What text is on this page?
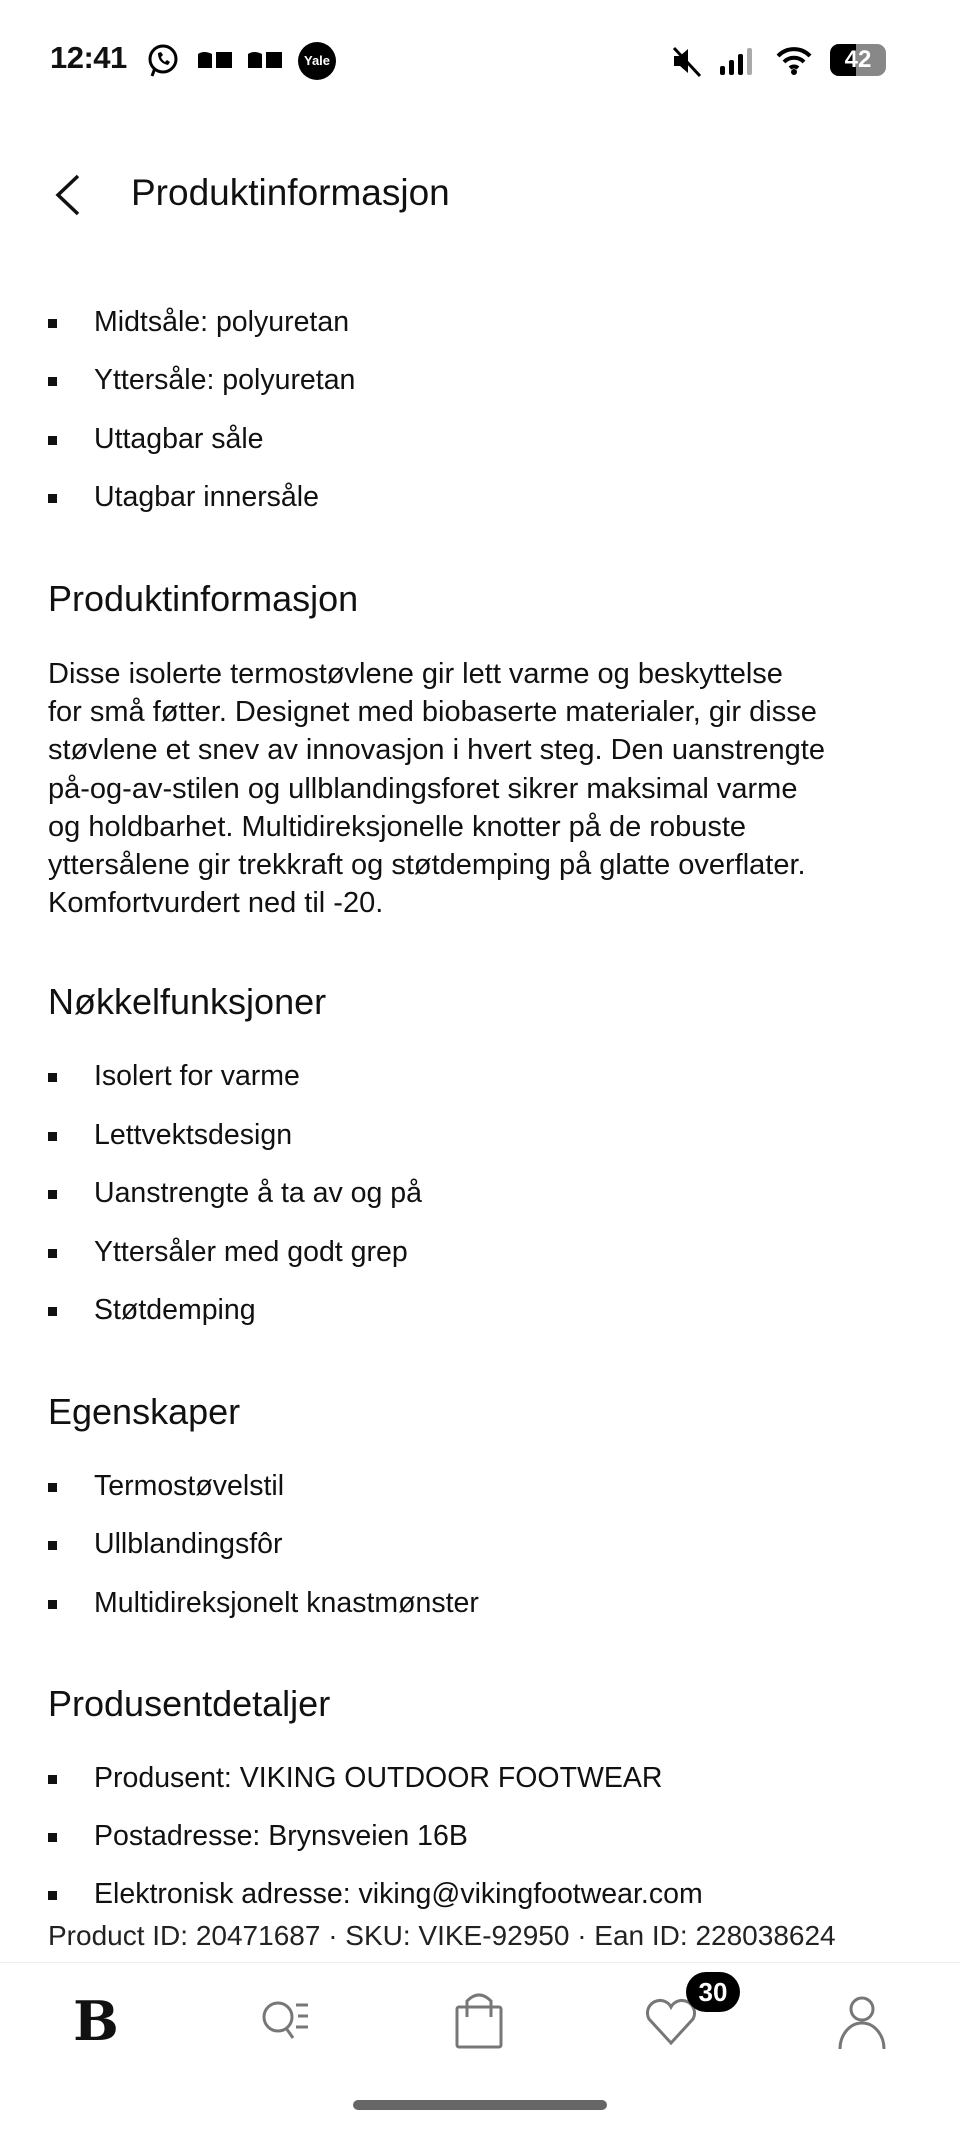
12:41	Yale	42
Produktinformasjon
Midtsåle: polyuretan
Yttersåle: polyuretan
Uttagbar såle
Utagbar innersåle
Produktinformasjon
Disse isolerte termostøvlene gir lett varme og beskyttelse
for små føtter. Designet med biobaserte materialer, gir disse
støvlene et snev av innovasjon i hvert steg. Den uanstrengte
på-og-av-stilen og ullblandingsforet sikrer maksimal varme
og holdbarhet. Multidireksjonelle knotter på de robuste
yttersålene gir trekkraft og støtdemping på glatte overflater.
Komfortvurdert ned til -20.
Nøkkelfunksjoner
Isolert for varme
Lettvektsdesign
Uanstrengte å ta av og på
Yttersåler med godt grep
Støtdemping
Egenskaper
Termostøvelstil
Ullblandingsfôr
Multidireksjonelt knastmønster
Produsentdetaljer
Produsent: VIKING OUTDOOR FOOTWEAR
Postadresse: Brynsveien 16B
Elektronisk adresse: viking@vikingfootwear.com
Product ID: 20471687 · SKU: VIKE-92950 · Ean ID: 228038624
B	30
